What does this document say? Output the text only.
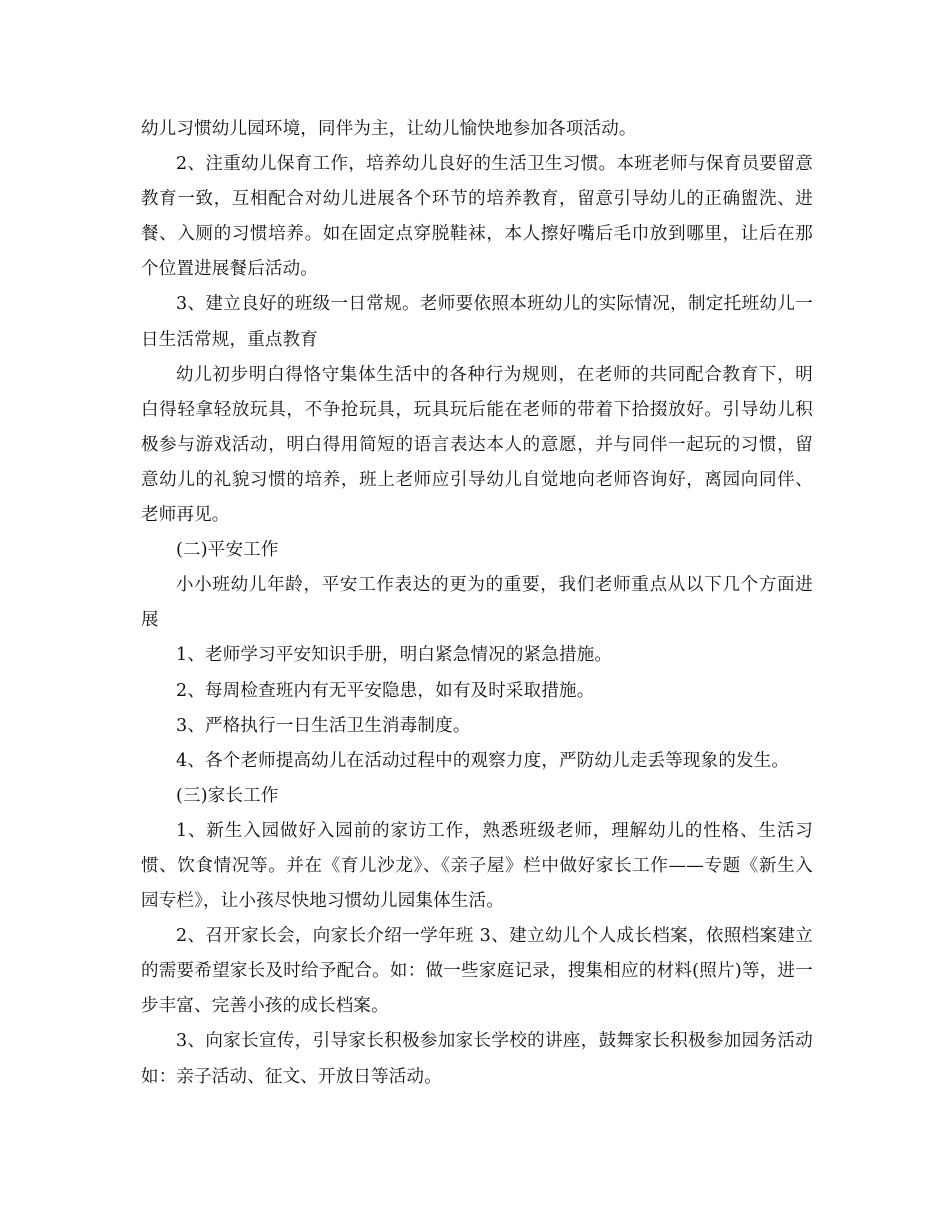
幼儿习惯幼儿园环境，同伴为主，让幼儿愉快地参加各项活动。

2、注重幼儿保育工作，培养幼儿良好的生活卫生习惯。本班老师与保育员要留意教育一致，互相配合对幼儿进展各个环节的培养教育，留意引导幼儿的正确盥洗、进餐、入厕的习惯培养。如在固定点穿脱鞋袜，本人擦好嘴后毛巾放到哪里，让后在那个位置进展餐后活动。

3、建立良好的班级一日常规。老师要依照本班幼儿的实际情况，制定托班幼儿一日生活常规，重点教育

幼儿初步明白得恪守集体生活中的各种行为规则，在老师的共同配合教育下，明白得轻拿轻放玩具，不争抢玩具，玩具玩后能在老师的带着下拾掇放好。引导幼儿积极参与游戏活动，明白得用简短的语言表达本人的意愿，并与同伴一起玩的习惯，留意幼儿的礼貌习惯的培养，班上老师应引导幼儿自觉地向老师咨询好，离园向同伴、老师再见。

(二)平安工作

小小班幼儿年龄，平安工作表达的更为的重要，我们老师重点从以下几个方面进展

1、老师学习平安知识手册，明白紧急情况的紧急措施。

2、每周检查班内有无平安隐患，如有及时采取措施。

3、严格执行一日生活卫生消毒制度。

4、各个老师提高幼儿在活动过程中的观察力度，严防幼儿走丢等现象的发生。

(三)家长工作

1、新生入园做好入园前的家访工作，熟悉班级老师，理解幼儿的性格、生活习惯、饮食情况等。并在《育儿沙龙》、《亲子屋》栏中做好家长工作——专题《新生入园专栏》，让小孩尽快地习惯幼儿园集体生活。

2、召开家长会，向家长介绍一学年班 3、建立幼儿个人成长档案，依照档案建立的需要希望家长及时给予配合。如：做一些家庭记录，搜集相应的材料(照片)等，进一步丰富、完善小孩的成长档案。

3、向家长宣传，引导家长积极参加家长学校的讲座，鼓舞家长积极参加园务活动如：亲子活动、征文、开放日等活动。
